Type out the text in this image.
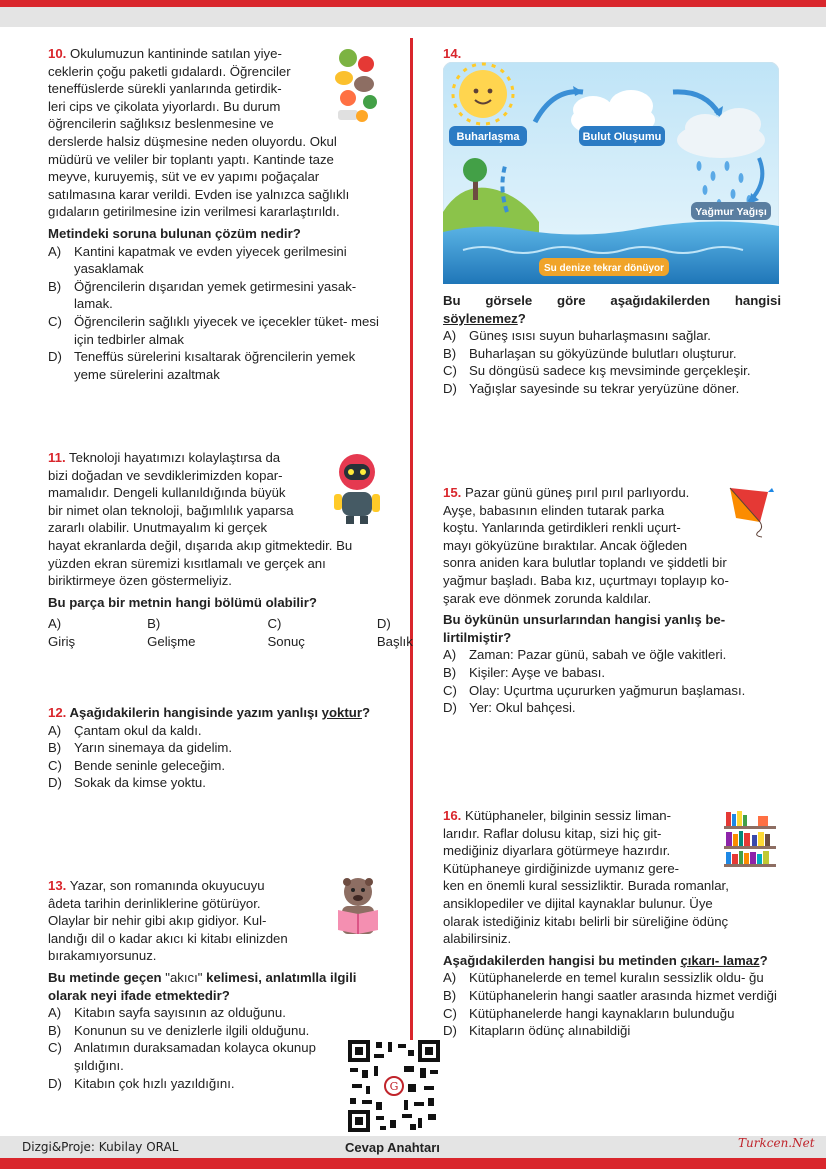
10. Okulumuzun kantininde satılan yiye-
ceklerin çoğu paketli gıdalardı. Öğrenciler
teneffüslerde sürekli yanlarında getirdik-
leri cips ve çikolata yiyorlardı. Bu durum
öğrencilerin sağlıksız beslenmesine ve
derslerde halsiz düşmesine neden oluyordu. Okul
müdürü ve veliler bir toplantı yaptı. Kantinde taze
meyve, kuruyemiş, süt ve ev yapımı poğaçalar
satılmasına karar verildi. Evden ise yalnızca sağlıklı
gıdaların getirilmesine izin verilmesi kararlaştırıldı.
Metindeki soruna bulunan çözüm nedir?
A) Kantini kapatmak ve evden yiyecek gerilmesini yasaklamak
B) Öğrencilerin dışarıdan yemek getirmesini yasak- lamak.
C) Öğrencilerin sağlıklı yiyecek ve içecekler tüket- mesi için tedbirler almak
D) Teneffüs sürelerini kısaltarak öğrencilerin yemek yeme sürelerini azaltmak
11. Teknoloji hayatımızı kolaylaştırsa da
bizi doğadan ve sevdiklerimizden kopar-
mamalıdır. Dengeli kullanıldığında büyük
bir nimet olan teknoloji, bağımlılık yaparsa
zararlı olabilir. Unutmayalım ki gerçek
hayat ekranlarda değil, dışarıda akıp gitmektedir. Bu
yüzden ekran süremizi kısıtlamalı ve gerçek anı
biriktirmeye özen göstermeliyiz.
Bu parça bir metnin hangi bölümü olabilir?
A) Giriş
B) Gelişme
C) Sonuç
D) Başlık
12. Aşağıdakilerin hangisinde yazım yanlışı yoktur?
A) Çantam okul da kaldı.
B) Yarın sinemaya da gidelim.
C) Bende seninle geleceğim.
D) Sokak da kimse yoktu.
13. Yazar, son romanında okuyucuyu
âdeta tarihin derinliklerine götürüyor.
Olaylar bir nehir gibi akıp gidiyor. Kul-
landığı dil o kadar akıcı ki kitabı elinizden
bırakamıyorsunuz.
Bu metinde geçen "akıcı" kelimesi, anlatımlla ilgili olarak neyi ifade etmektedir?
A) Kitabın sayfa sayısının az olduğunu.
B) Konunun su ve denizlerle ilgili olduğunu.
C) Anlatımın duraksamadan kolayca okunup şıldığını.
D) Kitabın çok hızlı yazıldığını.	G
14.
Buharlaşma	Bulut Oluşumu
Yağmur Yağışı
Su denize tekrar dönüyor
Bu görsele göre aşağıdakilerden hangisi söylenemez?
A) Güneş ısısı suyun buharlaşmasını sağlar.
B) Buharlaşan su gökyüzünde bulutları oluşturur.
C) Su döngüsü sadece kış mevsiminde gerçekleşir.
D) Yağışlar sayesinde su tekrar yeryüzüne döner.
15. Pazar günü güneş pırıl pırıl parlıyordu.
Ayşe, babasının elinden tutarak parka
koştu. Yanlarında getirdikleri renkli uçurt-
mayı gökyüzüne bıraktılar. Ancak öğleden
sonra aniden kara bulutlar toplandı ve şiddetli bir
yağmur başladı. Baba kız, uçurtmayı toplayıp ko-
şarak eve dönmek zorunda kaldılar.
Bu öykünün unsurlarından hangisi yanlış be- lirtilmiştir?
A) Zaman: Pazar günü, sabah ve öğle vakitleri.
B) Kişiler: Ayşe ve babası.
C) Olay: Uçurtma uçururken yağmurun başlaması.
D) Yer: Okul bahçesi.
16. Kütüphaneler, bilginin sessiz liman-
larıdır. Raflar dolusu kitap, sizi hiç git-
mediğiniz diyarlara götürmeye hazırdır.
Kütüphaneye girdiğinizde uymanız gere-
ken en önemli kural sessizliktir. Burada romanlar,
ansiklopediler ve dijital kaynaklar bulunur. Üye
olarak istediğiniz kitabı belirli bir süreliğine ödünç
alabilirsiniz.
Aşağıdakilerden hangisi bu metinden çıkarı- lamaz?
A) Kütüphanelerde en temel kuralın sessizlik oldu- ğu
B) Kütüphanelerin hangi saatler arasında hizmet verdiği
C) Kütüphanelerde hangi kaynakların bulunduğu
D) Kitapların ödünç alınabildiği
Dizgi&Proje: Kubilay ORAL	Cevap Anahtarı	Turkcen.Net
